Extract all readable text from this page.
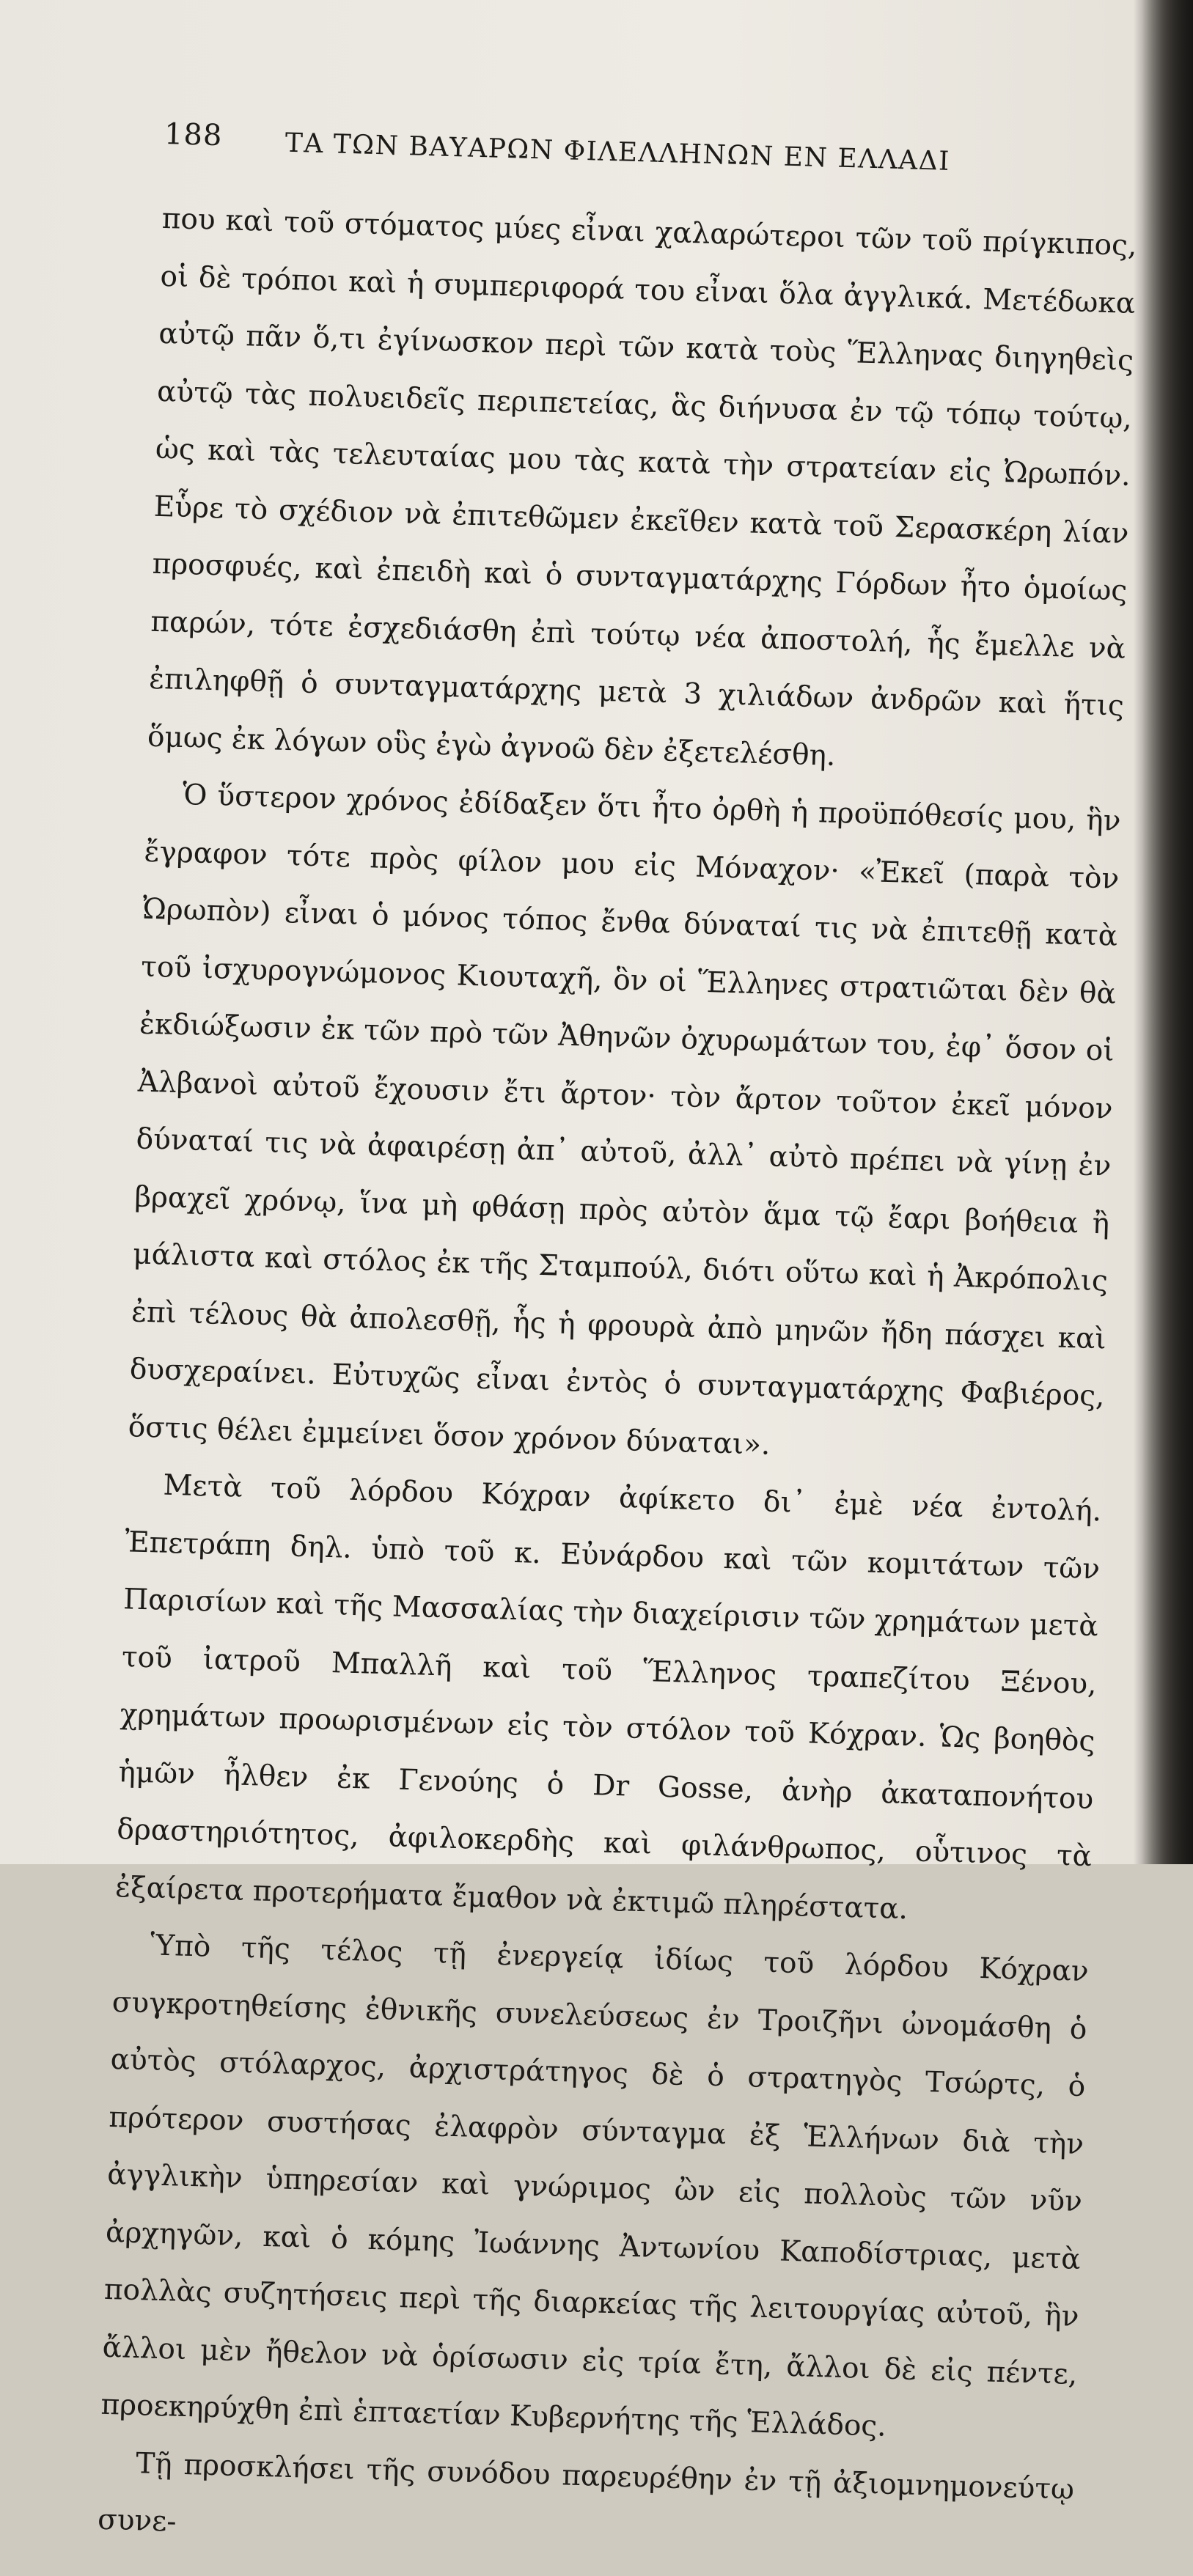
188 ΤΑ ΤΩΝ ΒΑΥΑΡΩΝ ΦΙΛΕΛΛΗΝΩΝ ΕΝ ΕΛΛΑΔΙ

που καὶ τοῦ στόματος μύες εἶναι χαλαρώτεροι τῶν τοῦ πρίγκιπος, οἱ δὲ τρόποι καὶ ἡ συμπεριφορά του εἶναι ὅλα ἀγγλικά. Μετέδωκα αὐτῷ πᾶν ὅ,τι ἐγίνωσκον περὶ τῶν κατὰ τοὺς Ἕλληνας διηγηθεὶς αὐτῷ τὰς πολυειδεῖς περιπετείας, ἃς διήνυσα ἐν τῷ τόπῳ τούτῳ, ὡς καὶ τὰς τελευταίας μου τὰς κατὰ τὴν στρατείαν εἰς Ὠρωπόν. Εὗρε τὸ σχέδιον νὰ ἐπιτεθῶμεν ἐκεῖθεν κατὰ τοῦ Σερασκέρη λίαν προσφυές, καὶ ἐπειδὴ καὶ ὁ συνταγματάρχης Γόρδων ἦτο ὁμοίως παρών, τότε ἐσχεδιάσθη ἐπὶ τούτῳ νέα ἀποστολή, ἧς ἔμελλε νὰ ἐπιληφθῇ ὁ συνταγματάρχης μετὰ 3 χιλιάδων ἀνδρῶν καὶ ἥτις ὅμως ἐκ λόγων οὓς ἐγὼ ἀγνοῶ δὲν ἐξετελέσθη.

Ὁ ὕστερον χρόνος ἐδίδαξεν ὅτι ἦτο ὀρθὴ ἡ προϋπόθεσίς μου, ἣν ἔγραφον τότε πρὸς φίλον μου εἰς Μόναχον· «Ἐκεῖ (παρὰ τὸν Ὠρωπὸν) εἶναι ὁ μόνος τόπος ἔνθα δύναταί τις νὰ ἐπιτεθῇ κατὰ τοῦ ἰσχυρογνώμονος Κιουταχῆ, ὃν οἱ Ἕλληνες στρατιῶται δὲν θὰ ἐκδιώξωσιν ἐκ τῶν πρὸ τῶν Ἀθηνῶν ὀχυρωμάτων του, ἐφ᾽ ὅσον οἱ Ἀλβανοὶ αὐτοῦ ἔχουσιν ἔτι ἄρτον· τὸν ἄρτον τοῦτον ἐκεῖ μόνον δύναταί τις νὰ ἀφαιρέσῃ ἀπ᾽ αὐτοῦ, ἀλλ᾽ αὐτὸ πρέπει νὰ γίνῃ ἐν βραχεῖ χρόνῳ, ἵνα μὴ φθάσῃ πρὸς αὐτὸν ἅμα τῷ ἔαρι βοήθεια ἢ μάλιστα καὶ στόλος ἐκ τῆς Σταμπούλ, διότι οὕτω καὶ ἡ Ἀκρόπολις ἐπὶ τέλους θὰ ἀπολεσθῇ, ἧς ἡ φρουρὰ ἀπὸ μηνῶν ἤδη πάσχει καὶ δυσχεραίνει. Εὐτυχῶς εἶναι ἐντὸς ὁ συνταγματάρχης Φαβιέρος, ὅστις θέλει ἐμμείνει ὅσον χρόνον δύναται».

Μετὰ τοῦ λόρδου Κόχραν ἀφίκετο δι᾽ ἐμὲ νέα ἐντολή. Ἐπετράπη δηλ. ὑπὸ τοῦ κ. Εὐνάρδου καὶ τῶν κομιτάτων τῶν Παρισίων καὶ τῆς Μασσαλίας τὴν διαχείρισιν τῶν χρημάτων μετὰ τοῦ ἰατροῦ Μπαλλῆ καὶ τοῦ Ἕλληνος τραπεζίτου Ξένου, χρημάτων προωρισμένων εἰς τὸν στόλον τοῦ Κόχραν. Ὡς βοηθὸς ἡμῶν ἦλθεν ἐκ Γενούης ὁ Dr Gosse, ἀνὴρ ἀκαταπονήτου δραστηριότητος, ἀφιλοκερδὴς καὶ φιλάνθρωπος, οὗτινος τὰ ἐξαίρετα προτερήματα ἔμαθον νὰ ἐκτιμῶ πληρέστατα.

Ὑπὸ τῆς τέλος τῇ ἐνεργείᾳ ἰδίως τοῦ λόρδου Κόχραν συγκροτηθείσης ἐθνικῆς συνελεύσεως ἐν Τροιζῆνι ὠνομάσθη ὁ αὐτὸς στόλαρχος, ἀρχιστράτηγος δὲ ὁ στρατηγὸς Τσώρτς, ὁ πρότερον συστήσας ἐλαφρὸν σύνταγμα ἐξ Ἑλλήνων διὰ τὴν ἀγγλικὴν ὑπηρεσίαν καὶ γνώριμος ὢν εἰς πολλοὺς τῶν νῦν ἀρχηγῶν, καὶ ὁ κόμης Ἰωάννης Ἀντωνίου Καποδίστριας, μετὰ πολλὰς συζητήσεις περὶ τῆς διαρκείας τῆς λειτουργίας αὐτοῦ, ἣν ἄλλοι μὲν ἤθελον νὰ ὁρίσωσιν εἰς τρία ἔτη, ἄλλοι δὲ εἰς πέντε, προεκηρύχθη ἐπὶ ἑπταετίαν Κυβερνήτης τῆς Ἑλλάδος.

Τῇ προσκλήσει τῆς συνόδου παρευρέθην ἐν τῇ ἀξιομνημονεύτῳ συνε-
